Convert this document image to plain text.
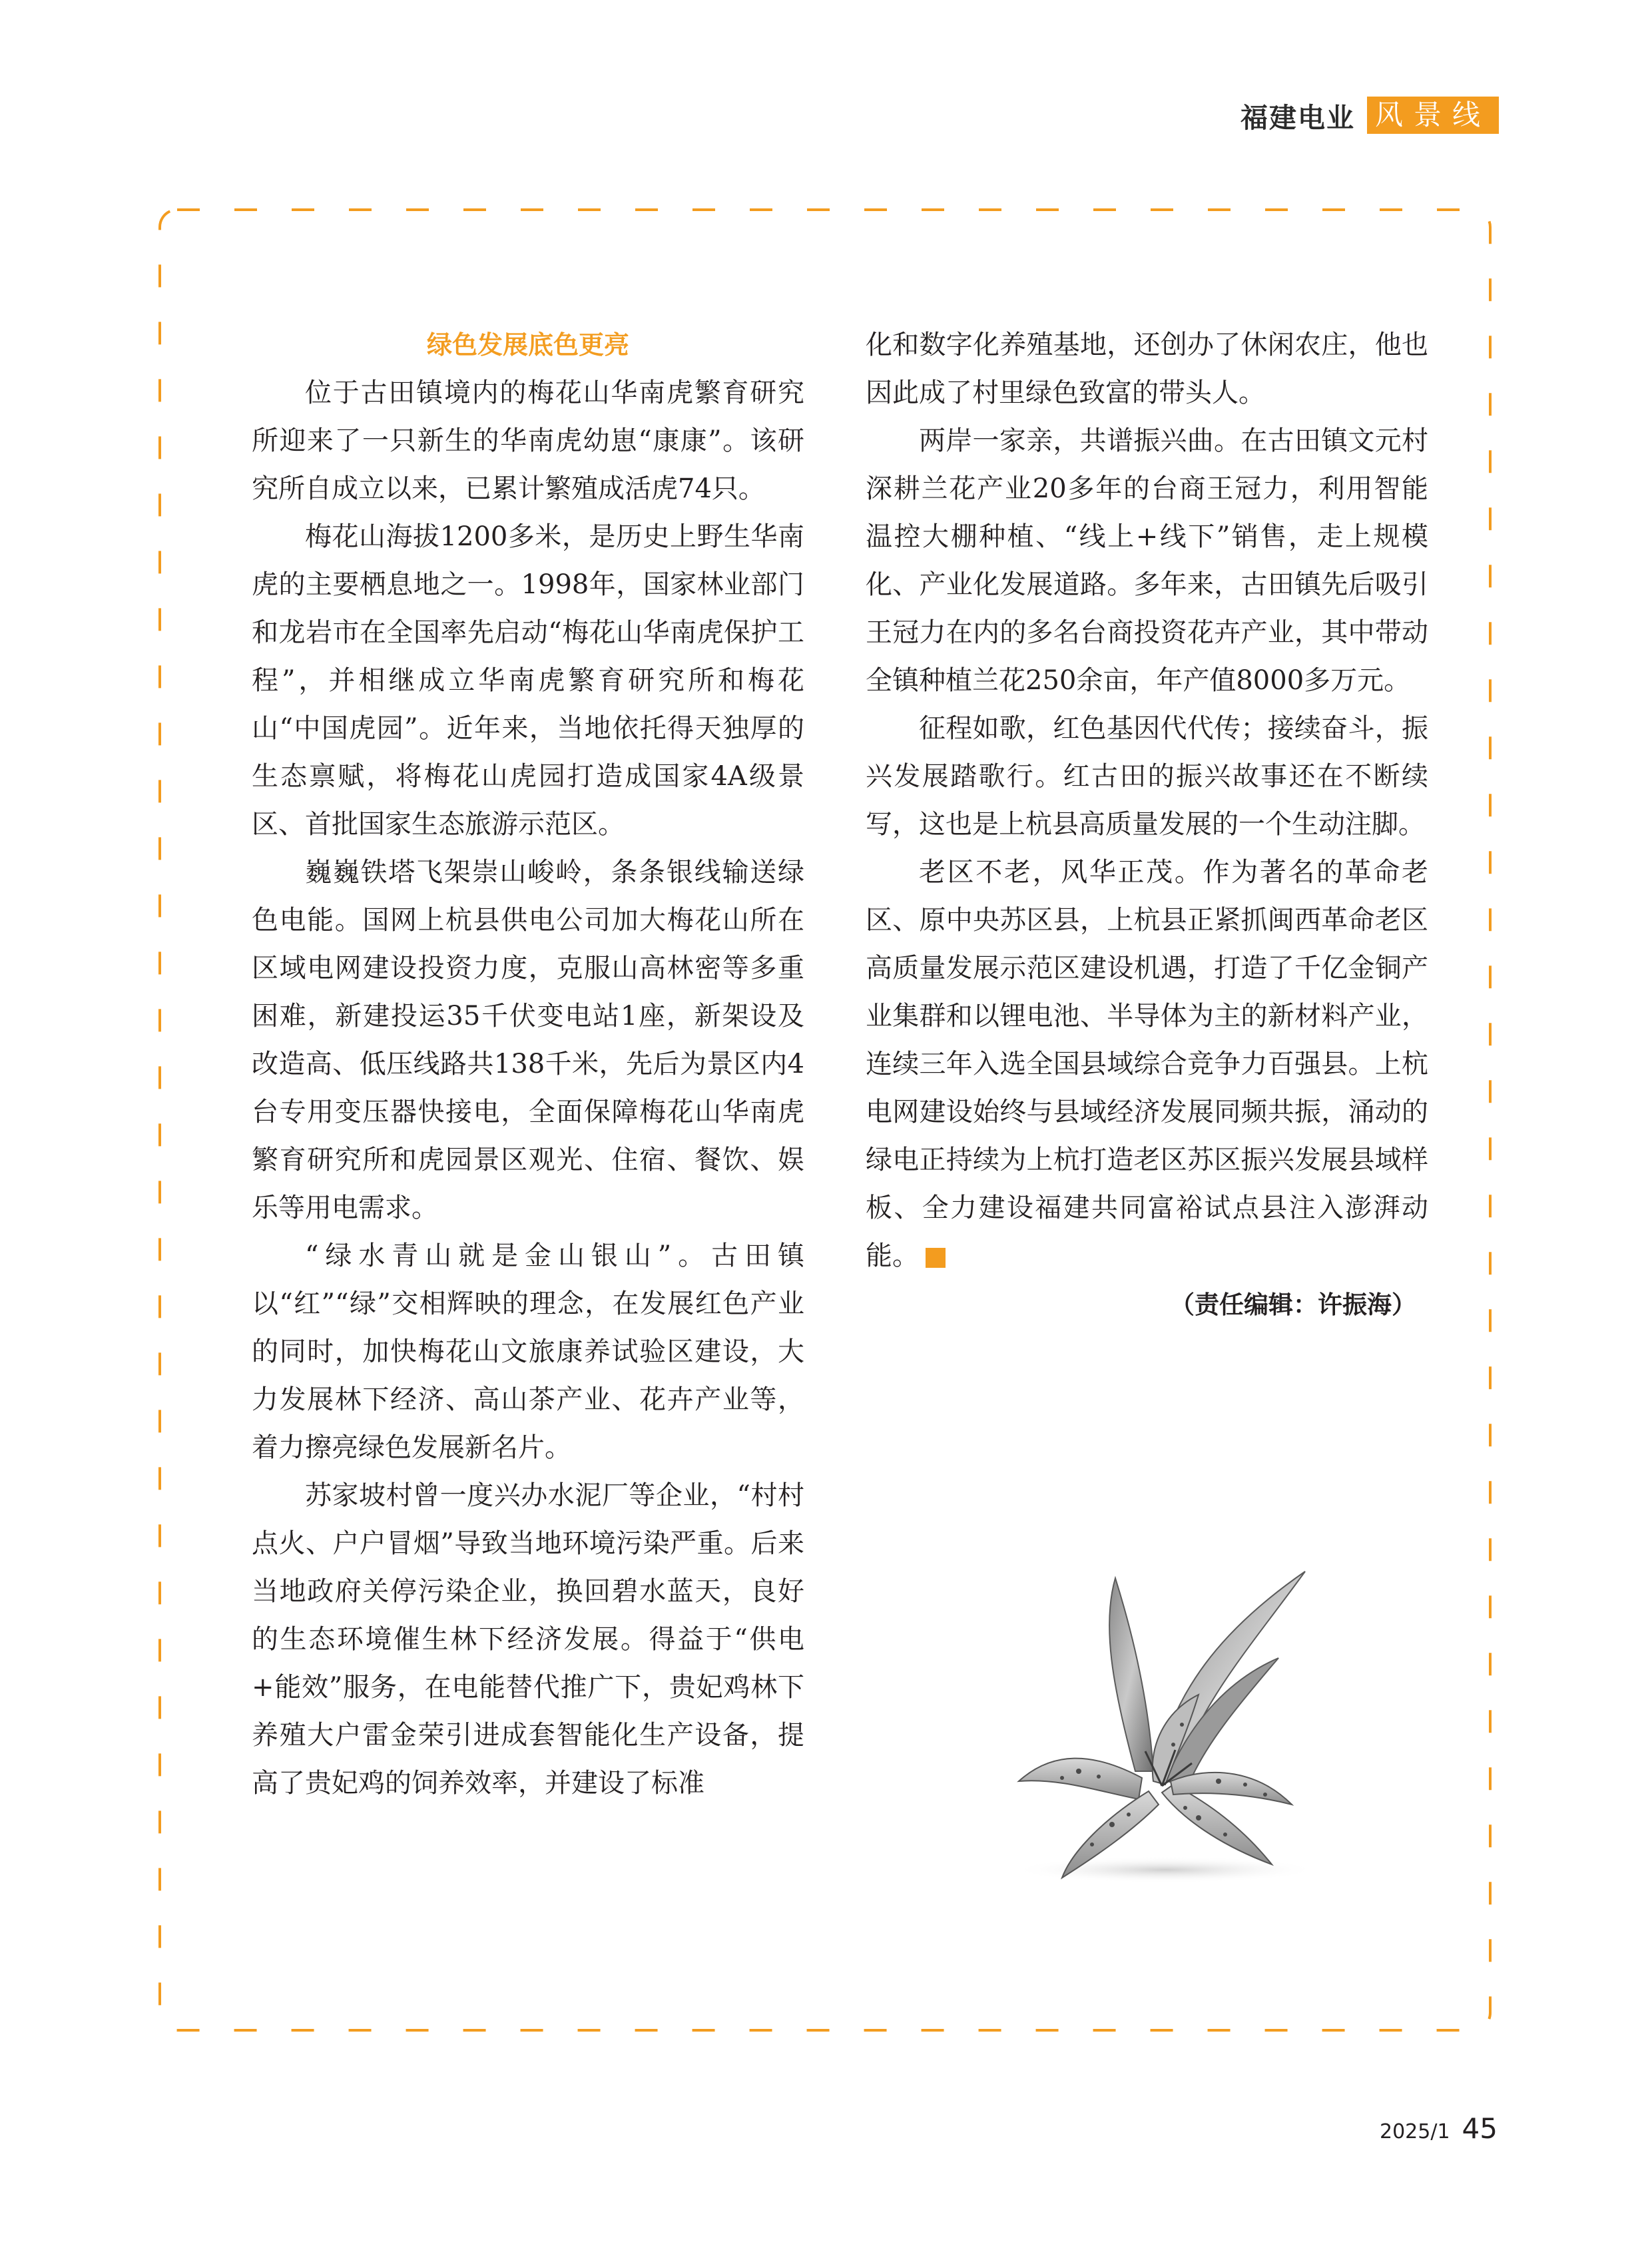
福建电业 风景线
绿色发展底色更亮

位于古田镇境内的梅花山华南虎繁育研究所迎来了一只新生的华南虎幼崽“康康”。该研究所自成立以来，已累计繁殖成活虎74只。

梅花山海拔1200多米，是历史上野生华南虎的主要栖息地之一。1998年，国家林业部门和龙岩市在全国率先启动“梅花山华南虎保护工程”，并相继成立华南虎繁育研究所和梅花山“中国虎园”。近年来，当地依托得天独厚的生态禀赋，将梅花山虎园打造成国家4A级景区、首批国家生态旅游示范区。

巍巍铁塔飞架崇山峻岭，条条银线输送绿色电能。国网上杭县供电公司加大梅花山所在区域电网建设投资力度，克服山高林密等多重困难，新建投运35千伏变电站1座，新架设及改造高、低压线路共138千米，先后为景区内4台专用变压器快接电，全面保障梅花山华南虎繁育研究所和虎园景区观光、住宿、餐饮、娱乐等用电需求。

“绿水青山就是金山银山”。古田镇以“红”“绿”交相辉映的理念，在发展红色产业的同时，加快梅花山文旅康养试验区建设，大力发展林下经济、高山茶产业、花卉产业等，着力擦亮绿色发展新名片。

苏家坡村曾一度兴办水泥厂等企业，“村村点火、户户冒烟”导致当地环境污染严重。后来当地政府关停污染企业，换回碧水蓝天，良好的生态环境催生林下经济发展。得益于“供电+能效”服务，在电能替代推广下，贵妃鸡林下养殖大户雷金荣引进成套智能化生产设备，提高了贵妃鸡的饲养效率，并建设了标准

化和数字化养殖基地，还创办了休闲农庄，他也因此成了村里绿色致富的带头人。

两岸一家亲，共谱振兴曲。在古田镇文元村深耕兰花产业20多年的台商王冠力，利用智能温控大棚种植、“线上+线下”销售，走上规模化、产业化发展道路。多年来，古田镇先后吸引王冠力在内的多名台商投资花卉产业，其中带动全镇种植兰花250余亩，年产值8000多万元。

征程如歌，红色基因代代传；接续奋斗，振兴发展踏歌行。红古田的振兴故事还在不断续写，这也是上杭县高质量发展的一个生动注脚。

老区不老，风华正茂。作为著名的革命老区、原中央苏区县，上杭县正紧抓闽西革命老区高质量发展示范区建设机遇，打造了千亿金铜产业集群和以锂电池、半导体为主的新材料产业，连续三年入选全国县域综合竞争力百强县。上杭电网建设始终与县域经济发展同频共振，涌动的绿电正持续为上杭打造老区苏区振兴发展县域样板、全力建设福建共同富裕试点县注入澎湃动能。

（责任编辑：许振海）
2025/1 45
